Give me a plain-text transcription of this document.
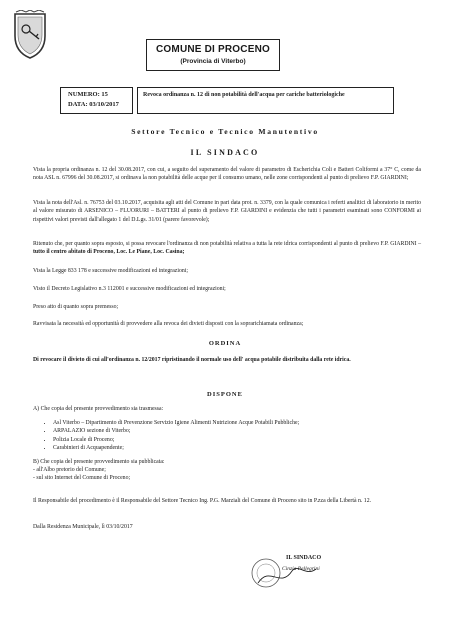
COMUNE DI PROCENO
(Provincia di Viterbo)
NUMERO: 15
DATA: 03/10/2017
Revoca ordinanza n. 12 di non potabilità dell'acqua per cariche batteriologiche
Settore Tecnico e Tecnico Manutentivo
IL SINDACO
Vista la propria ordinanza n. 12 del 30.08.2017, con cui, a seguito del superamento del valore di parametro di Escherichia Coli e Batteri Coliformi a 37° C, come da nota ASL n. 67996 del 30.08.2017, si ordinava la non potabilità delle acque per il consumo umano, nelle zone corrispondenti al punto di prelievo F.P. GIARDINI;
Vista la nota dell'Asl. n. 76753 del 03.10.2017, acquisita agli atti del Comune in pari data prot. n. 3379, con la quale comunica i referti analitici di laboratorio in merito al valore misurato di ARSENICO – FLUORURI – BATTERI al punto di prelievo F.P. GIARDINI e evidenzia che tutti i parametri esaminati sono CONFORMI ai rispettivi valori previsti dall'allegato 1 del D.Lgs. 31/01 (parere favorevole);
Ritenuto che, per quanto sopra esposto, si possa revocare l'ordinanza di non potabilità relativa a tutta la rete idrica corrispondenti al punto di prelievo F.P. GIARDINI – tutto il centro abitato di Proceno, Loc. Le Piane, Loc. Casina;
Vista la Legge 833 178 e successive modificazioni ed integrazioni;
Visto il Decreto Legislativo n.3 112001 e successive modificazioni ed integrazioni;
Preso atto di quanto sopra premesso;
Ravvisata la necessità ed opportunità di provvedere alla revoca dei divieti disposti con la soprarichiamata ordinanza;
ORDINA
Di revocare il divieto di cui all'ordinanza n. 12/2017 ripristinando il normale uso dell' acqua potabile distribuita dalla rete idrica.
DISPONE
A) Che copia del presente provvedimento sia trasmessa:
• Asl Viterbo – Dipartimento di Prevenzione Servizio Igiene Alimenti Nutrizione Acque Potabili Pubbliche;
• ARPALAZIO sezione di Viterbo;
• Polizia Locale di Proceno;
• Carabinieri di Acquapendente;
B) Che copia del presente provvedimento sia pubblicata:
- all'Albo pretorio del Comune;
- sul sito Internet del Comune di Proceno;
Il Responsabile del procedimento è il Responsabile del Settore Tecnico Ing. P.G. Marziali del Comune di Proceno sito in P.zza della Libertà n. 12.
Dalla Residenza Municipale, lì 03/10/2017
IL SINDACO
Cinzia Pellegrini
